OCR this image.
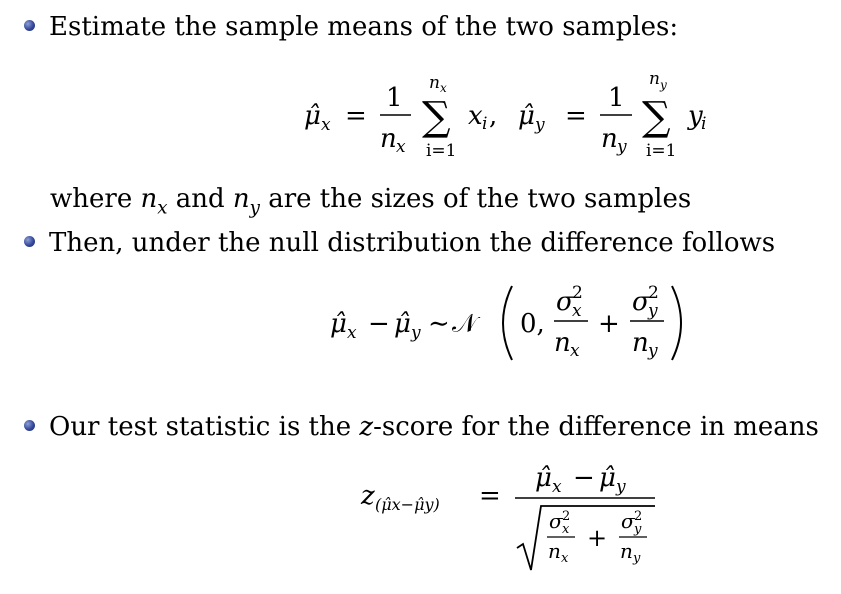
Estimate the sample means of the two samples:
μ̂ x =
1
n x
n x
∑
i=1
x i , μ̂ y =
1
n y
n y
∑
i=1
y
i
where $n_x$ and $n_y$ are the sizes of the two samples
Then, under the null distribution the difference follows
μ̂ x − μ̂ y ∼ 𝒩 0,
σ
2
x
n x
+
σ
2
y
n y
Our test statistic is the z-score for the difference in means
z (μ̂x−μ̂y) =
μ̂ x − μ̂ y
σ 2
x
n x
+
σ 2
y
n y
